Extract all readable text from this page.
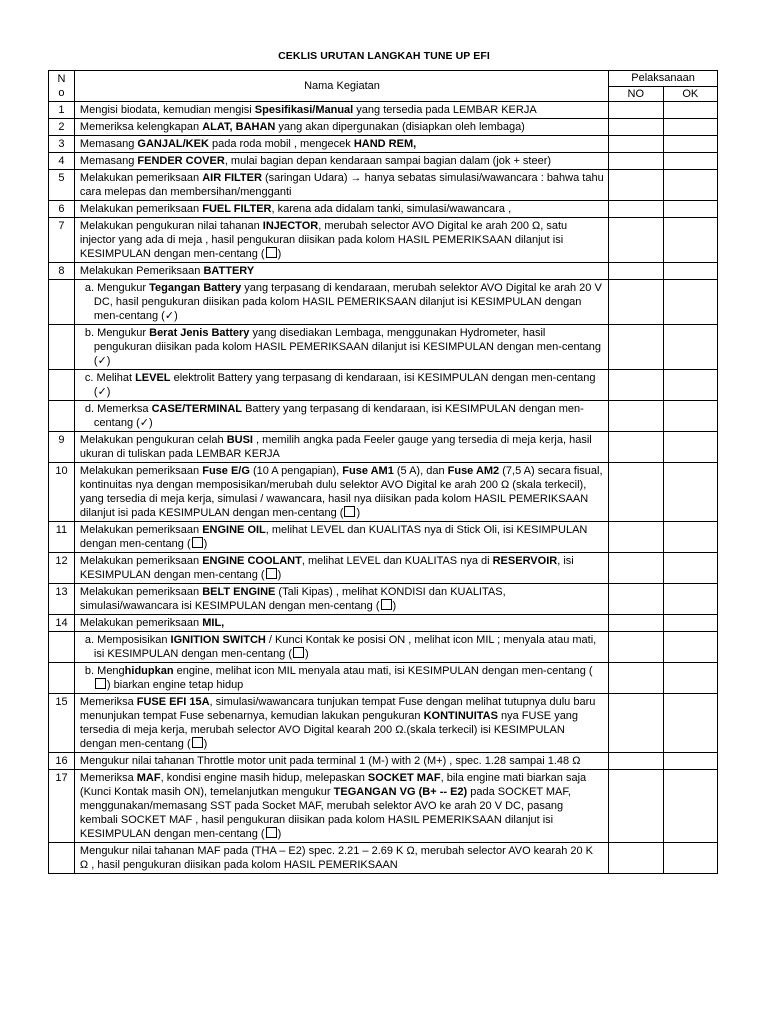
CEKLIS URUTAN LANGKAH TUNE UP EFI
N
o	Nama Kegiatan	Pelaksanaan	
		NO	OK
1	Mengisi biodata, kemudian mengisi Spesifikasi/Manual yang tersedia pada LEMBAR KERJA		
2	Memeriksa kelengkapan ALAT, BAHAN yang akan dipergunakan (disiapkan oleh lembaga)		
3	Memasang GANJAL/KEK pada roda mobil , mengecek HAND REM,		
4	Memasang FENDER COVER, mulai bagian depan kendaraan sampai bagian dalam (jok + steer)		
5	Melakukan pemeriksaan AIR FILTER (saringan Udara) → hanya sebatas simulasi/wawancara : bahwa tahu cara melepas dan membersihan/mengganti		
6	Melakukan pemeriksaan FUEL FILTER, karena ada didalam tanki, simulasi/wawancara ,		
7	Melakukan pengukuran nilai tahanan INJECTOR, merubah selector AVO Digital ke arah 200 Ω, satu injector yang ada di meja , hasil pengukuran diisikan pada kolom HASIL PEMERIKSAAN dilanjut isi KESIMPULAN dengan men-centang ( )		
8	Melakukan Pemeriksaan BATTERY		

	a. Mengukur Tegangan Battery yang terpasang di kendaraan, merubah selektor AVO Digital ke arah 20 V DC, hasil pengukuran diisikan pada kolom HASIL PEMERIKSAAN dilanjut isi KESIMPULAN dengan men-centang (✓)		

	b. Mengukur Berat Jenis Battery yang disediakan Lembaga, menggunakan Hydrometer, hasil pengukuran diisikan pada kolom HASIL PEMERIKSAAN dilanjut isi KESIMPULAN dengan men-centang (✓)		

	c. Melihat LEVEL elektrolit Battery yang terpasang di kendaraan, isi KESIMPULAN dengan men-centang (✓)		

	d. Memerksa CASE/TERMINAL Battery yang terpasang di kendaraan, isi KESIMPULAN dengan men-centang (✓)		

9	Melakukan pengukuran celah BUSI , memilih angka pada Feeler gauge yang tersedia di meja kerja, hasil ukuran di tuliskan pada LEMBAR KERJA		
10	Melakukan pemeriksaan Fuse E/G (10 A pengapian), Fuse AM1 (5 A), dan Fuse AM2 (7,5 A) secara fisual, kontinuitas nya dengan memposisikan/merubah dulu selektor AVO Digital ke arah 200 Ω (skala terkecil), yang tersedia di meja kerja, simulasi / wawancara, hasil nya diisikan pada kolom HASIL PEMERIKSAAN dilanjut isi pada KESIMPULAN dengan men-centang ( )		
11	Melakukan pemeriksaan ENGINE OIL, melihat LEVEL dan KUALITAS nya di Stick Oli, isi KESIMPULAN dengan men-centang ( )		
12	Melakukan pemeriksaan ENGINE COOLANT, melihat LEVEL dan KUALITAS nya di RESERVOIR, isi KESIMPULAN dengan men-centang ( )		
13	Melakukan pemeriksaan BELT ENGINE (Tali Kipas) , melihat KONDISI dan KUALITAS, simulasi/wawancara isi KESIMPULAN dengan men-centang ( )		
14	Melakukan pemeriksaan MIL,		

	a. Memposisikan IGNITION SWITCH / Kunci Kontak ke posisi ON , melihat icon MIL ; menyala atau mati, isi KESIMPULAN dengan men-centang ( )		

	b. Menghidupkan engine, melihat icon MIL menyala atau mati, isi KESIMPULAN dengan men-centang () biarkan engine tetap hidup		

15	Memeriksa FUSE EFI 15A, simulasi/wawancara tunjukan tempat Fuse dengan melihat tutupnya dulu baru menunjukan tempat Fuse sebenarnya, kemudian lakukan pengukuran KONTINUITAS nya FUSE yang tersedia di meja kerja, merubah selector AVO Digital kearah 200 Ω.(skala terkecil) isi KESIMPULAN dengan men-centang ( )		
16	Mengukur nilai tahanan Throttle motor unit pada terminal 1 (M-) with 2 (M+) , spec. 1.28 sampai 1.48 Ω		
17	Memeriksa MAF, kondisi engine masih hidup, melepaskan SOCKET MAF, bila engine mati biarkan saja (Kunci Kontak masih ON), temelanjutkan mengukur TEGANGAN VG (B+ -- E2) pada SOCKET MAF, menggunakan/memasang SST pada Socket MAF, merubah selektor AVO ke arah 20 V DC, pasang kembali SOCKET MAF , hasil pengukuran diisikan pada kolom HASIL PEMERIKSAAN dilanjut isi KESIMPULAN dengan men-centang ( )		
	Mengukur nilai tahanan MAF pada (THA – E2) spec. 2.21 – 2.69 K Ω, merubah selector AVO kearah 20 K Ω , hasil pengukuran diisikan pada kolom HASIL PEMERIKSAAN		
